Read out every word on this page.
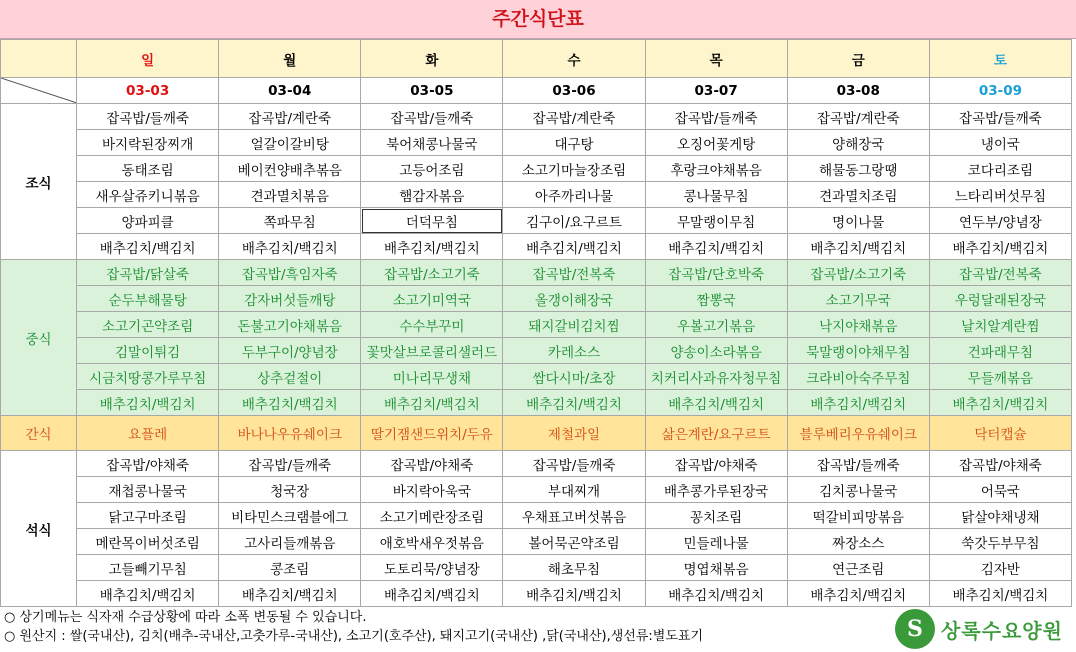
주간식단표
	일	월	화	수	목	금	토

	03-03	03-04	03-05	03-06	03-07	03-08	03-09
조식	잡곡밥/들깨죽	잡곡밥/계란죽	잡곡밥/들깨죽	잡곡밥/계란죽	잡곡밥/들깨죽	잡곡밥/계란죽	잡곡밥/들깨죽
	바지락된장찌개	얼갈이갈비탕	북어채콩나물국	대구탕	오징어꽃게탕	양해장국	냉이국
	동태조림	베이컨양배추볶음	고등어조림	소고기마늘장조림	후랑크야채볶음	해물동그랑땡	코다리조림
	새우살쥬키니볶음	견과멸치볶음	햄감자볶음	아주까리나물	콩나물무침	견과멸치조림	느타리버섯무침
	양파피클	쪽파무침	더덕무침	김구이/요구르트	무말랭이무침	명이나물	연두부/양념장
	배추김치/백김치	배추김치/백김치	배추김치/백김치	배추김치/백김치	배추김치/백김치	배추김치/백김치	배추김치/백김치
중식	잡곡밥/닭살죽	잡곡밥/흑임자죽	잡곡밥/소고기죽	잡곡밥/전복죽	잡곡밥/단호박죽	잡곡밥/소고기죽	잡곡밥/전복죽
	순두부해물탕	감자버섯들깨탕	소고기미역국	올갱이해장국	짬뽕국	소고기무국	우렁달래된장국
	소고기곤약조림	돈불고기야채볶음	수수부꾸미	돼지갈비김치찜	우볼고기볶음	낙지야채볶음	날치알계란찜
	김말이튀김	두부구이/양념장	꽃맛살브로콜리샐러드	카레소스	양송이소라볶음	묵말랭이야채무침	건파래무침
	시금치땅콩가루무침	상추겉절이	미나리무생채	쌈다시마/초장	치커리사과유자청무침	크라비아숙주무침	무들깨볶음
	배추김치/백김치	배추김치/백김치	배추김치/백김치	배추김치/백김치	배추김치/백김치	배추김치/백김치	배추김치/백김치
간식	요플레	바나나우유쉐이크	딸기잼샌드위치/두유	제철과일	삶은계란/요구르트	블루베리우유쉐이크	닥터캡슐
석식	잡곡밥/야채죽	잡곡밥/들깨죽	잡곡밥/야채죽	잡곡밥/들깨죽	잡곡밥/야채죽	잡곡밥/들깨죽	잡곡밥/야채죽
	재첩콩나물국	청국장	바지락아욱국	부대찌개	배추콩가루된장국	김치콩나물국	어묵국
	닭고구마조림	비타민스크램블에그	소고기메란장조림	우채표고버섯볶음	꽁치조림	떡갈비피망볶음	닭살야채냉채
	메란목이버섯조림	고사리들깨볶음	애호박새우젓볶음	볼어묵곤약조림	민들레나물	짜장소스	쑥갓두부무침
	고들빼기무침	콩조림	도토리묵/양념장	해초무침	명엽채볶음	연근조림	김자반
	배추김치/백김치	배추김치/백김치	배추김치/백김치	배추김치/백김치	배추김치/백김치	배추김치/백김치	배추김치/백김치
○ 상기메뉴는 식자재 수급상황에 따라 소폭 변동될 수 있습니다.
○ 원산지 : 쌀(국내산), 김치(배추-국내산,고춧가루-국내산), 소고기(호주산), 돼지고기(국내산) ,닭(국내산),생선류:별도표기	S 상록수요양원
